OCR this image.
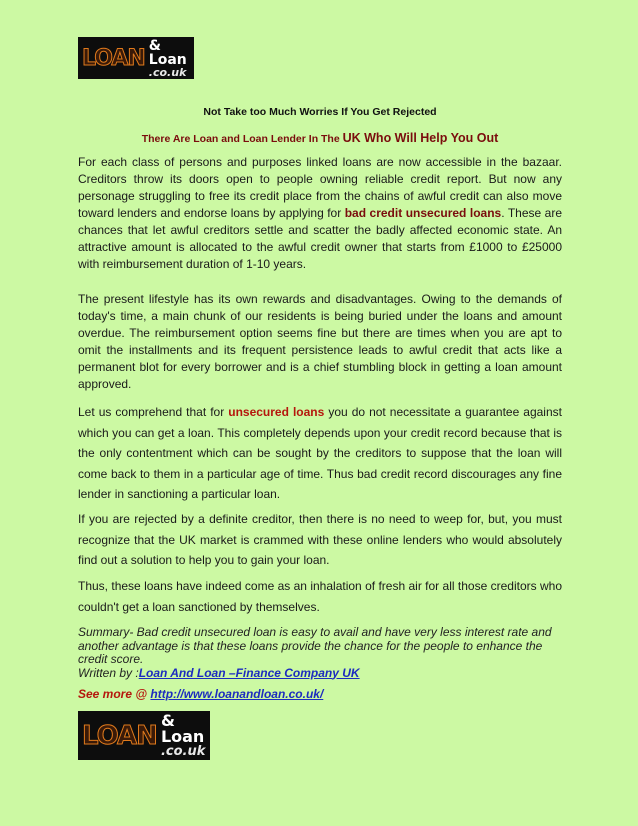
LOAN & Loan
.co.uk
Not Take too Much Worries If You Get Rejected
There Are Loan and Loan Lender In The UK Who Will Help You Out

For each class of persons and purposes linked loans are now accessible in the bazaar. Creditors throw its doors open to people owning reliable credit report. But now any personage struggling to free its credit place from the chains of awful credit can also move toward lenders and endorse loans by applying for bad credit unsecured loans. These are chances that let awful creditors settle and scatter the badly affected economic state. An attractive amount is allocated to the awful credit owner that starts from £1000 to £25000 with reimbursement duration of 1-10 years.

The present lifestyle has its own rewards and disadvantages. Owing to the demands of today's time, a main chunk of our residents is being buried under the loans and amount overdue. The reimbursement option seems fine but there are times when you are apt to omit the installments and its frequent persistence leads to awful credit that acts like a permanent blot for every borrower and is a chief stumbling block in getting a loan amount approved.

Let us comprehend that for unsecured loans you do not necessitate a guarantee against which you can get a loan. This completely depends upon your credit record because that is the only contentment which can be sought by the creditors to suppose that the loan will come back to them in a particular age of time. Thus bad credit record discourages any fine lender in sanctioning a particular loan.

If you are rejected by a definite creditor, then there is no need to weep for, but, you must recognize that the UK market is crammed with these online lenders who would absolutely find out a solution to help you to gain your loan.

Thus, these loans have indeed come as an inhalation of fresh air for all those creditors who couldn't get a loan sanctioned by themselves.

Summary- Bad credit unsecured loan is easy to avail and have very less interest rate and another advantage is that these loans provide the chance for the people to enhance the credit score.
Written by :Loan And Loan –Finance Company UK
See more @ http://www.loanandloan.co.uk/
LOAN & Loan
.co.uk
